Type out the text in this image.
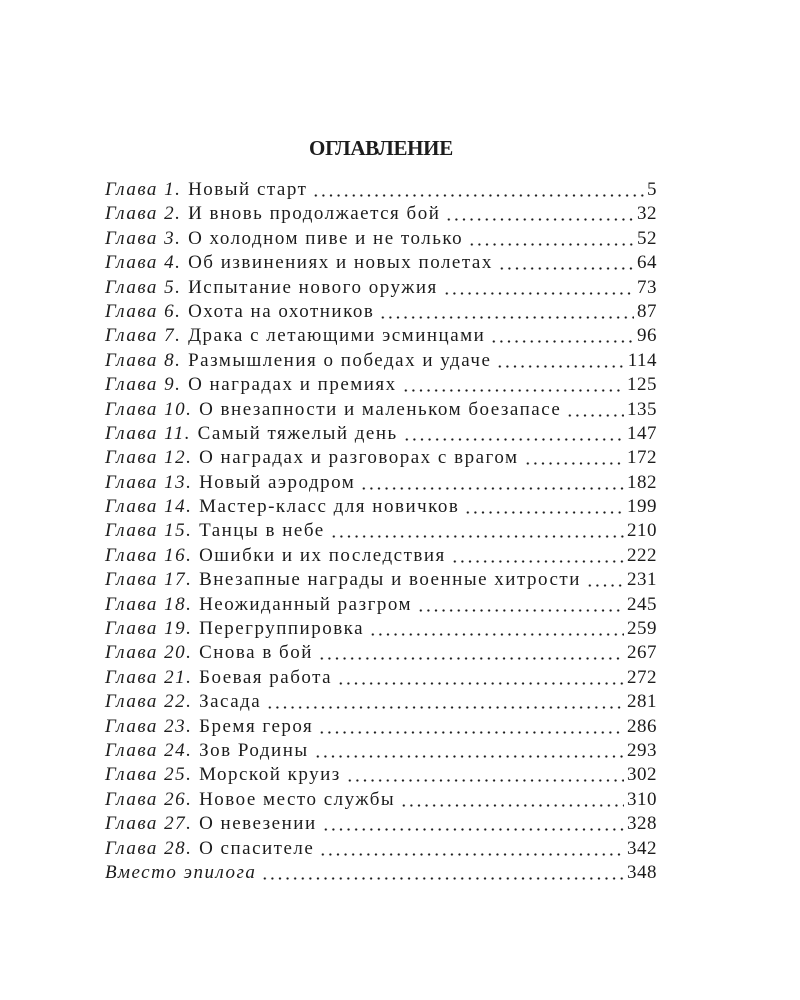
ОГЛАВЛЕНИЕ
Глава 1. Новый старт	5
Глава 2. И вновь продолжается бой	32
Глава 3. О холодном пиве и не только	52
Глава 4. Об извинениях и новых полетах	64
Глава 5. Испытание нового оружия	73
Глава 6. Охота на охотников	87
Глава 7. Драка с летающими эсминцами	96
Глава 8. Размышления о победах и удаче	114
Глава 9. О наградах и премиях	125
Глава 10. О внезапности и маленьком боезапасе	135
Глава 11. Самый тяжелый день	147
Глава 12. О наградах и разговорах с врагом	172
Глава 13. Новый аэродром	182
Глава 14. Мастер-класс для новичков	199
Глава 15. Танцы в небе	210
Глава 16. Ошибки и их последствия	222
Глава 17. Внезапные награды и военные хитрости 231
Глава 18. Неожиданный разгром	245
Глава 19. Перегруппировка	259
Глава 20. Снова в бой	267
Глава 21. Боевая работа	272
Глава 22. Засада	281
Глава 23. Бремя героя	286
Глава 24. Зов Родины	293
Глава 25. Морской круиз	302
Глава 26. Новое место службы	310
Глава 27. О невезении	328
Глава 28. О спасителе	342
Вместо эпилога	348
